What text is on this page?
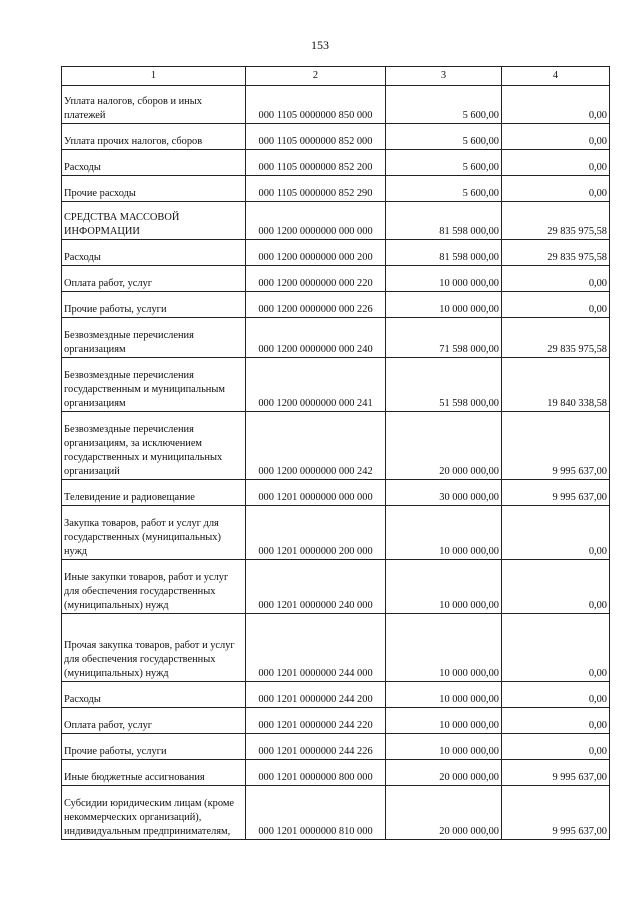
153
1	2	3	4
Уплата налогов, сборов и иных платежей	000 1105 0000000 850 000	5 600,00	0,00
Уплата прочих налогов, сборов	000 1105 0000000 852 000	5 600,00	0,00
Расходы	000 1105 0000000 852 200	5 600,00	0,00
Прочие расходы	000 1105 0000000 852 290	5 600,00	0,00
СРЕДСТВА МАССОВОЙ ИНФОРМАЦИИ	000 1200 0000000 000 000	81 598 000,00	29 835 975,58
Расходы	000 1200 0000000 000 200	81 598 000,00	29 835 975,58
Оплата работ, услуг	000 1200 0000000 000 220	10 000 000,00	0,00
Прочие работы, услуги	000 1200 0000000 000 226	10 000 000,00	0,00
Безвозмездные перечисления организациям	000 1200 0000000 000 240	71 598 000,00	29 835 975,58
Безвозмездные перечисления государственным и муниципальным организациям	000 1200 0000000 000 241	51 598 000,00	19 840 338,58
Безвозмездные перечисления организациям, за исключением государственных и муниципальных организаций	000 1200 0000000 000 242	20 000 000,00	9 995 637,00
Телевидение и радиовещание	000 1201 0000000 000 000	30 000 000,00	9 995 637,00
Закупка товаров, работ и услуг для государственных (муниципальных) нужд	000 1201 0000000 200 000	10 000 000,00	0,00
Иные закупки товаров, работ и услуг для обеспечения государственных (муниципальных) нужд	000 1201 0000000 240 000	10 000 000,00	0,00
Прочая закупка товаров, работ и услуг для обеспечения государственных (муниципальных) нужд	000 1201 0000000 244 000	10 000 000,00	0,00
Расходы	000 1201 0000000 244 200	10 000 000,00	0,00
Оплата работ, услуг	000 1201 0000000 244 220	10 000 000,00	0,00
Прочие работы, услуги	000 1201 0000000 244 226	10 000 000,00	0,00
Иные бюджетные ассигнования	000 1201 0000000 800 000	20 000 000,00	9 995 637,00
Субсидии юридическим лицам (кроме некоммерческих организаций), индивидуальным предпринимателям,	000 1201 0000000 810 000	20 000 000,00	9 995 637,00
